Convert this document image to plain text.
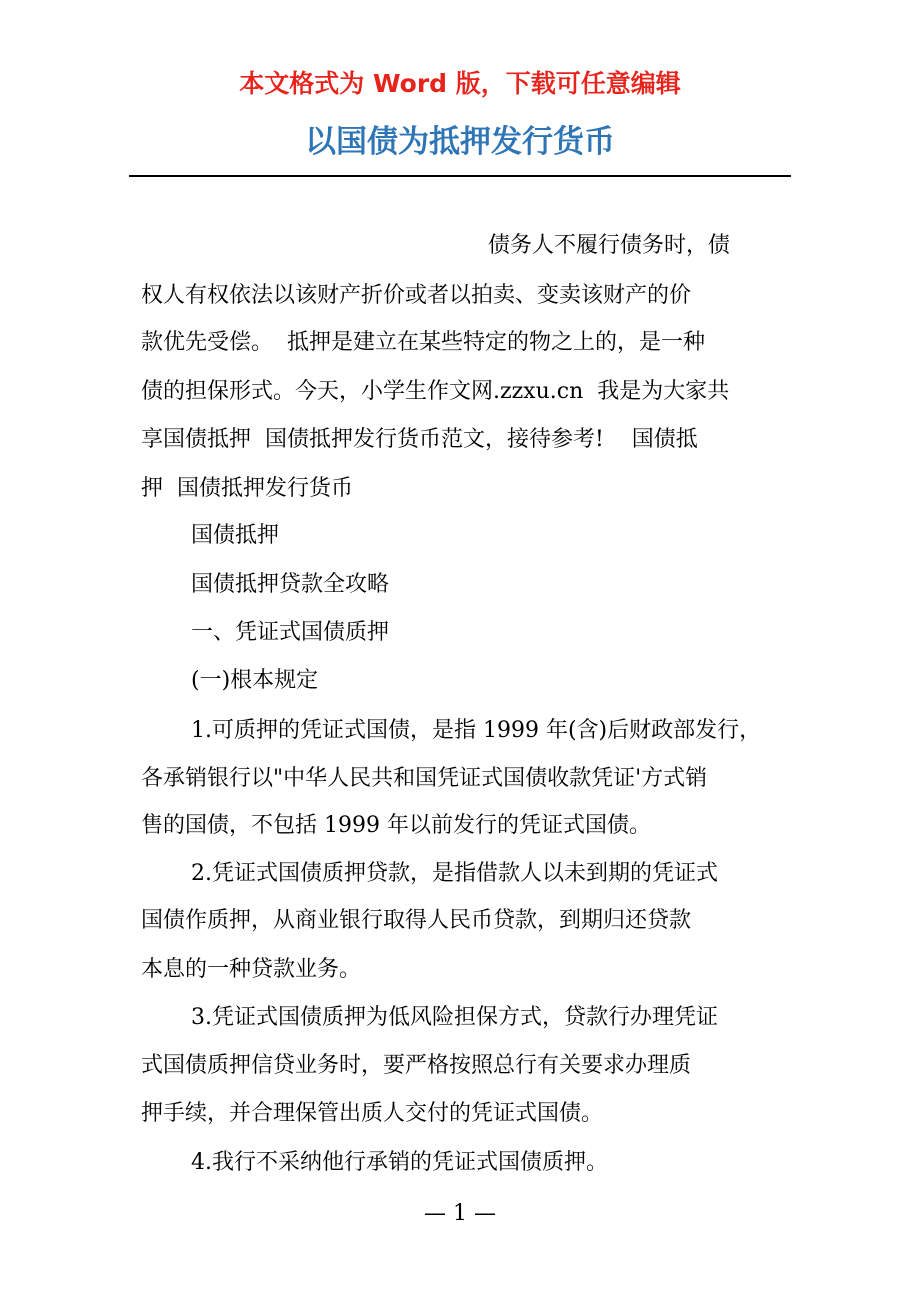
本文格式为 Word 版，下载可任意编辑
以国债为抵押发行货币
债务人不履行债务时，债
权人有权依法以该财产折价或者以拍卖、变卖该财产的价
款优先受偿。  抵押是建立在某些特定的物之上的，是一种
债的担保形式。今天，小学生作文网.zzxu.cn  我是为大家共
享国债抵押  国债抵押发行货币范文，接待参考!    国债抵
押  国债抵押发行货币
国债抵押
国债抵押贷款全攻略
一、凭证式国债质押
(一)根本规定
1.可质押的凭证式国债，是指 1999 年(含)后财政部发行，
各承销银行以"中华人民共和国凭证式国债收款凭证'方式销
售的国债，不包括 1999 年以前发行的凭证式国债。
2.凭证式国债质押贷款，是指借款人以未到期的凭证式
国债作质押，从商业银行取得人民币贷款，到期归还贷款
本息的一种贷款业务。
3.凭证式国债质押为低风险担保方式，贷款行办理凭证
式国债质押信贷业务时，要严格按照总行有关要求办理质
押手续，并合理保管出质人交付的凭证式国债。
4.我行不采纳他行承销的凭证式国债质押。
— 1 —
